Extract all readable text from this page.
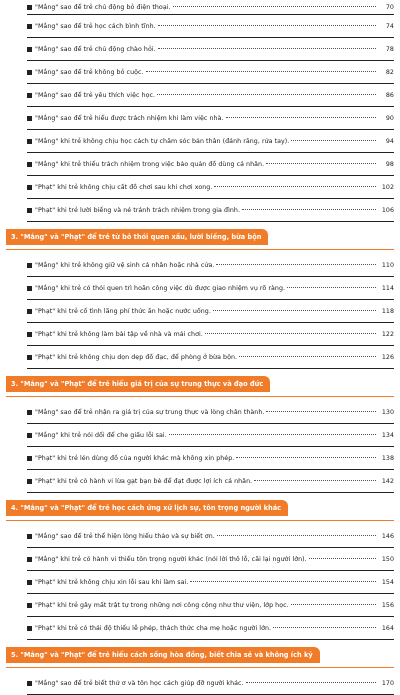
"Mắng" sao để trẻ chú động bỏ điện thoại.	70
"Mắng" sao để trẻ học cách bình tĩnh.	74
"Mắng" sao để trẻ chủ động chào hỏi.	78
"Mắng" sao để trẻ không bỏ cuộc.	82
"Mắng" sao để trẻ yêu thích việc học.	86
"Mắng" sao để trẻ hiểu được trách nhiệm khi làm việc nhà.	90
"Mắng" khi trẻ không chịu học cách tự chăm sóc bản thân (đánh răng, rửa tay).	94
"Mắng" khi trẻ thiếu trách nhiệm trong việc bảo quản đồ dùng cá nhân.	98
"Phạt" khi trẻ không chịu cất đồ chơi sau khi chơi xong.	102
"Phạt" khi trẻ lười biếng và né tránh trách nhiệm trong gia đình.	106
3. "Mắng" và "Phạt" để trẻ từ bỏ thói quen xấu, lười biếng, bừa bộn
"Mắng" khi trẻ không giữ vệ sinh cá nhân hoặc nhà cửa.	110
"Mắng" khi trẻ có thói quen trì hoãn công việc dù được giao nhiệm vụ rõ ràng.	114
"Phạt" khi trẻ cố tình lãng phí thức ăn hoặc nước uống.	118
"Phạt" khi trẻ không làm bài tập về nhà và mải chơi.	122
"Phạt" khi trẻ không chịu dọn dẹp đồ đạc, để phòng ở bừa bộn.	126
3. "Mắng" và "Phạt" để trẻ hiểu giá trị của sự trung thực và đạo đức
"Mắng" sao để trẻ nhận ra giá trị của sự trung thực và lòng chân thành.	130
"Mắng" khi trẻ nói dối để che giấu lỗi sai.	134
"Phạt" khi trẻ lén dùng đồ của người khác mà không xin phép.	138
"Phạt" khi trẻ có hành vi lừa gạt bạn bè để đạt được lợi ích cá nhân.	142
4. "Mắng" và "Phạt" để trẻ học cách ứng xử lịch sự, tôn trọng người khác
"Mắng" sao để trẻ thể hiện lòng hiếu thảo và sự biết ơn.	146
"Mắng" khi trẻ có hành vi thiếu tôn trọng người khác (nói lời thô lỗ, cãi lại người lớn).	150
"Phạt" khi trẻ không chịu xin lỗi sau khi làm sai.	154
"Phạt" khi trẻ gây mất trật tự trong những nơi công cộng như thư viện, lớp học.	156
"Phạt" khi trẻ có thái độ thiếu lễ phép, thách thức cha mẹ hoặc người lớn.	164
5. "Mắng" và "Phạt" để trẻ hiểu cách sống hòa đồng, biết chia sẻ và không ích kỷ
"Mắng" sao để trẻ biết thứ ơ và tôn học cách giúp đỡ người khác.	170
